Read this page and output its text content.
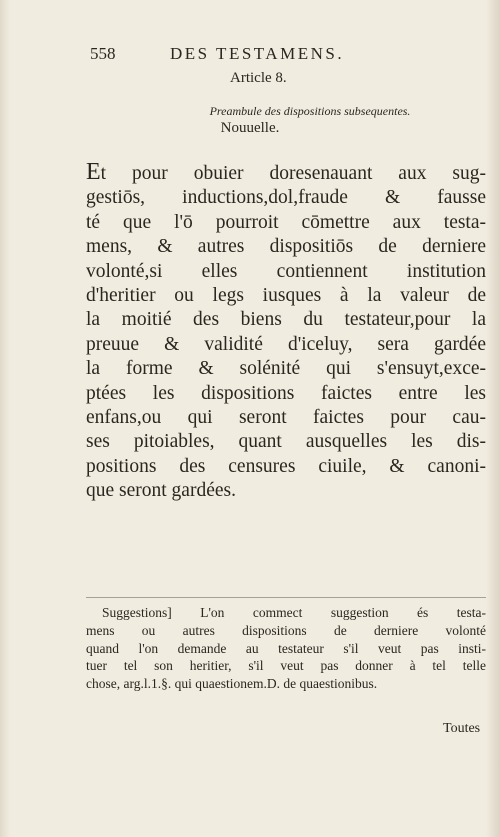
558	DES TESTAMENS.
Article 8.
Preambule des dispositions subsequentes.
Nouuelle.
Et pour obuier doresenauant aux sug-
gestiōs, inductions,dol,fraude & fausse
té que l'ō pourroit cōmettre aux testa-
mens, & autres dispositiōs de derniere
volonté,si elles contiennent institution
d'heritier ou legs iusques à la valeur de
la moitié des biens du testateur,pour la
preuue & validité d'iceluy, sera gardée
la forme & solénité qui s'ensuyt,exce-
ptées les dispositions faictes entre les
enfans,ou qui seront faictes pour cau-
ses pitoiables, quant ausquelles les dis-
positions des censures ciuile, & canoni-
que seront gardées.
Suggestions] L'on commect suggestion és testa-
mens ou autres dispositions de derniere volonté
quand l'on demande au testateur s'il veut pas insti-
tuer tel son heritier, s'il veut pas donner à tel telle
chose, arg.l.1.§. qui quaestionem.D. de quaestionibus.
Toutes
